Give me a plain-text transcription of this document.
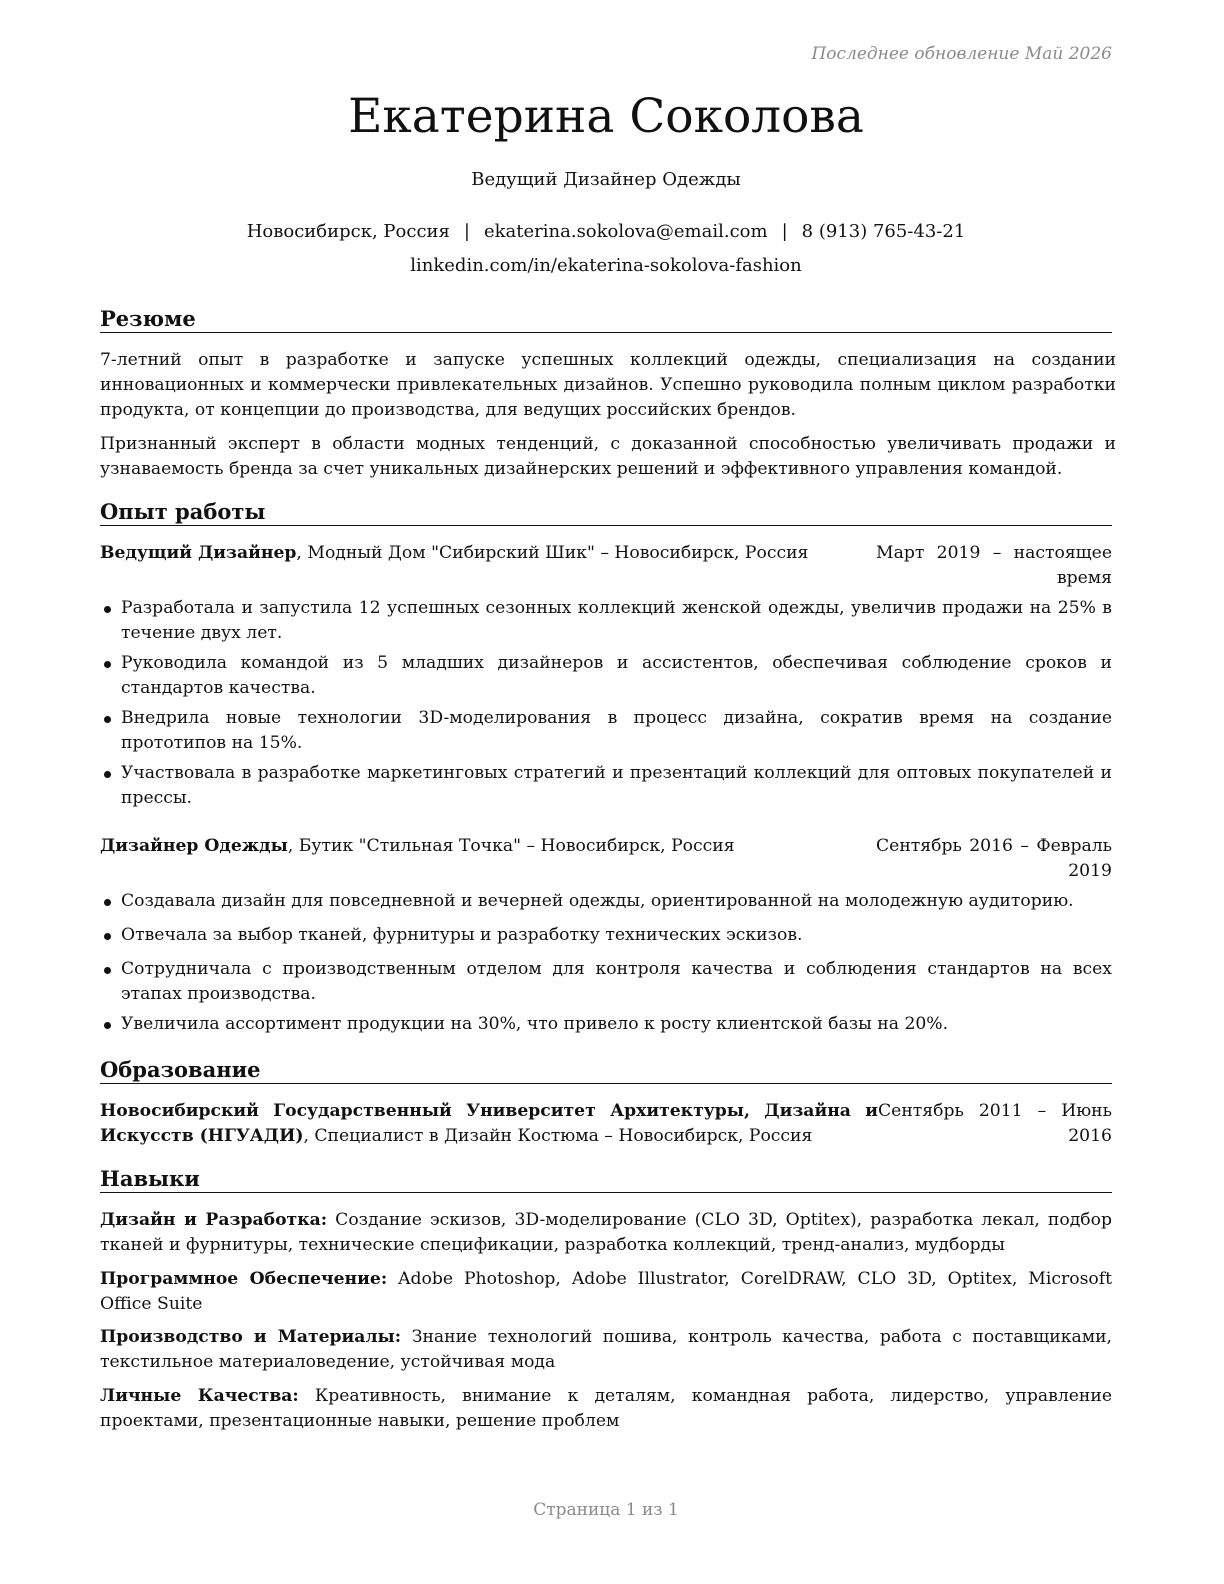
Последнее обновление Май 2026
Екатерина Соколова
Ведущий Дизайнер Одежды
Новосибирск, Россия | ekaterina.sokolova@email.com | 8 (913) 765-43-21
linkedin.com/in/ekaterina-sokolova-fashion
Резюме
7-летний опыт в разработке и запуске успешных коллекций одежды, специализация на создании инновационных и коммерчески привлекательных дизайнов. Успешно руководила полным циклом разработки продукта, от концепции до производства, для ведущих российских брендов.
Признанный эксперт в области модных тенденций, с доказанной способностью увеличивать продажи и узнаваемость бренда за счет уникальных дизайнерских решений и эффективного управления командой.
Опыт работы
Ведущий Дизайнер, Модный Дом "Сибирский Шик" – Новосибирск, Россия	Март 2019 – настоящее время
Разработала и запустила 12 успешных сезонных коллекций женской одежды, увеличив продажи на 25% в течение двух лет.
Руководила командой из 5 младших дизайнеров и ассистентов, обеспечивая соблюдение сроков и стандартов качества.
Внедрила новые технологии 3D-моделирования в процесс дизайна, сократив время на создание прототипов на 15%.
Участвовала в разработке маркетинговых стратегий и презентаций коллекций для оптовых покупателей и прессы.
Дизайнер Одежды, Бутик "Стильная Точка" – Новосибирск, Россия	Сентябрь 2016 – Февраль 2019
Создавала дизайн для повседневной и вечерней одежды, ориентированной на молодежную аудиторию.
Отвечала за выбор тканей, фурнитуры и разработку технических эскизов.
Сотрудничала с производственным отделом для контроля качества и соблюдения стандартов на всех этапах производства.
Увеличила ассортимент продукции на 30%, что привело к росту клиентской базы на 20%.
Образование
Новосибирский Государственный Университет Архитектуры, Дизайна и Искусств (НГУАДИ), Специалист в Дизайн Костюма – Новосибирск, Россия
Сентябрь 2011 – Июнь 2016
Навыки
Дизайн и Разработка: Создание эскизов, 3D-моделирование (CLO 3D, Optitex), разработка лекал, подбор тканей и фурнитуры, технические спецификации, разработка коллекций, тренд-анализ, мудборды
Программное Обеспечение: Adobe Photoshop, Adobe Illustrator, CorelDRAW, CLO 3D, Optitex, Microsoft Office Suite
Производство и Материалы: Знание технологий пошива, контроль качества, работа с поставщиками, текстильное материаловедение, устойчивая мода
Личные Качества: Креативность, внимание к деталям, командная работа, лидерство, управление проектами, презентационные навыки, решение проблем
Страница 1 из 1
